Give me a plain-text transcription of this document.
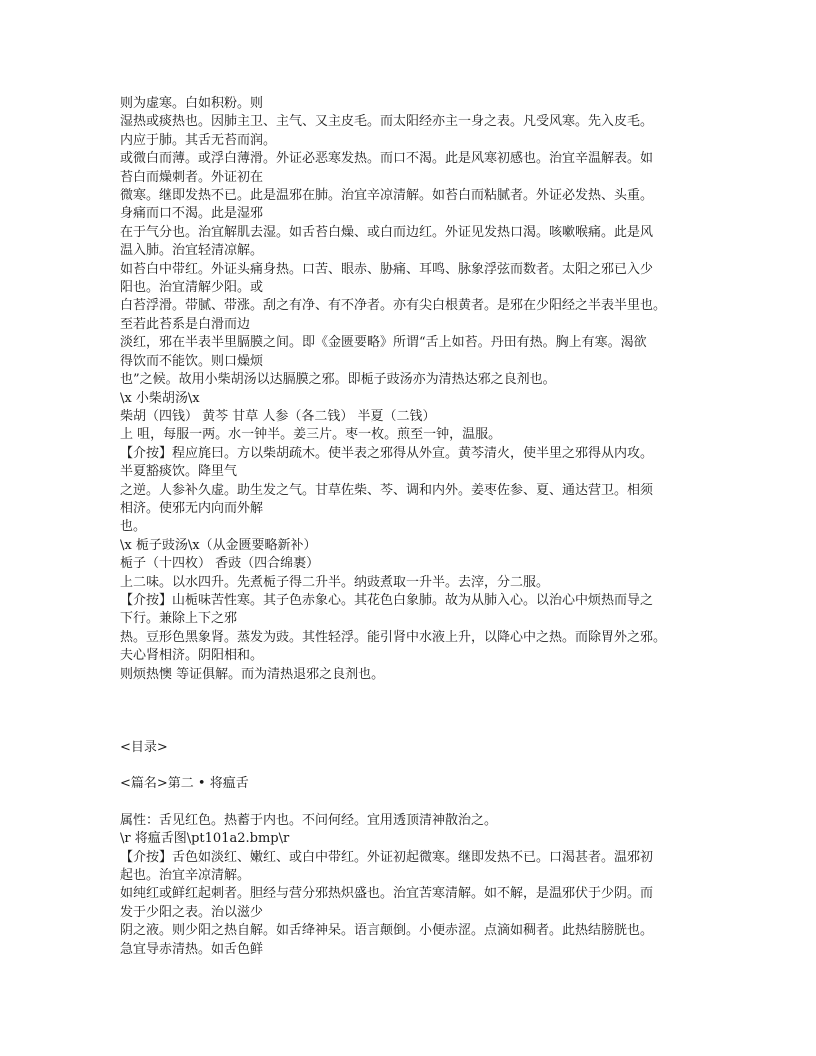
则为虚寒。白如积粉。则
湿热或痰热也。因肺主卫、主气、又主皮毛。而太阳经亦主一身之表。凡受风寒。先入皮毛。
内应于肺。其舌无苔而润。
或微白而薄。或浮白薄滑。外证必恶寒发热。而口不渴。此是风寒初感也。治宜辛温解表。如
苔白而燥刺者。外证初在
微寒。继即发热不已。此是温邪在肺。治宜辛凉清解。如苔白而粘腻者。外证必发热、头重。
身痛而口不渴。此是湿邪
在于气分也。治宜解肌去湿。如舌苔白燥、或白而边红。外证见发热口渴。咳嗽喉痛。此是风
温入肺。治宜轻清凉解。
如苔白中带红。外证头痛身热。口苦、眼赤、胁痛、耳鸣、脉象浮弦而数者。太阳之邪已入少
阳也。治宜清解少阳。或
白苔浮滑。带腻、带涨。刮之有净、有不净者。亦有尖白根黄者。是邪在少阳经之半表半里也。
至若此苔系是白滑而边
淡红，邪在半表半里膈膜之间。即《金匮要略》所谓“舌上如苔。丹田有热。胸上有寒。渴欲
得饮而不能饮。则口燥烦
也”之候。故用小柴胡汤以达膈膜之邪。即栀子豉汤亦为清热达邪之良剂也。
\x 小柴胡汤\x
柴胡（四钱） 黄芩 甘草 人参（各二钱） 半夏（二钱）
上 咀，每服一两。水一钟半。姜三片。枣一枚。煎至一钟，温服。
【介按】程应旄曰。方以柴胡疏木。使半表之邪得从外宣。黄芩清火，使半里之邪得从内攻。
半夏豁痰饮。降里气
之逆。人参补久虚。助生发之气。甘草佐柴、芩、调和内外。姜枣佐参、夏、通达营卫。相须
相济。使邪无内向而外解
也。
\x 栀子豉汤\x（从金匮要略新补）
栀子（十四枚） 香豉（四合绵裹）
上二味。以水四升。先煮栀子得二升半。纳豉煮取一升半。去滓，分二服。
【介按】山栀味苦性寒。其子色赤象心。其花色白象肺。故为从肺入心。以治心中烦热而导之
下行。兼除上下之邪
热。豆形色黑象肾。蒸发为豉。其性轻浮。能引肾中水液上升，以降心中之热。而除胃外之邪。
夫心肾相济。阴阳相和。
则烦热懊 等证俱解。而为清热退邪之良剂也。
<目录>
<篇名>第二 • 将瘟舌
属性：舌见红色。热蓄于内也。不问何经。宜用透顶清神散治之。
\r 将瘟舌图\pt101a2.bmp\r
【介按】舌色如淡红、嫩红、或白中带红。外证初起微寒。继即发热不已。口渴甚者。温邪初
起也。治宜辛凉清解。
如纯红或鲜红起刺者。胆经与营分邪热炽盛也。治宜苦寒清解。如不解，是温邪伏于少阴。而
发于少阳之表。治以滋少
阴之液。则少阳之热自解。如舌绛神呆。语言颠倒。小便赤涩。点滴如稠者。此热结膀胱也。
急宜导赤清热。如舌色鲜
